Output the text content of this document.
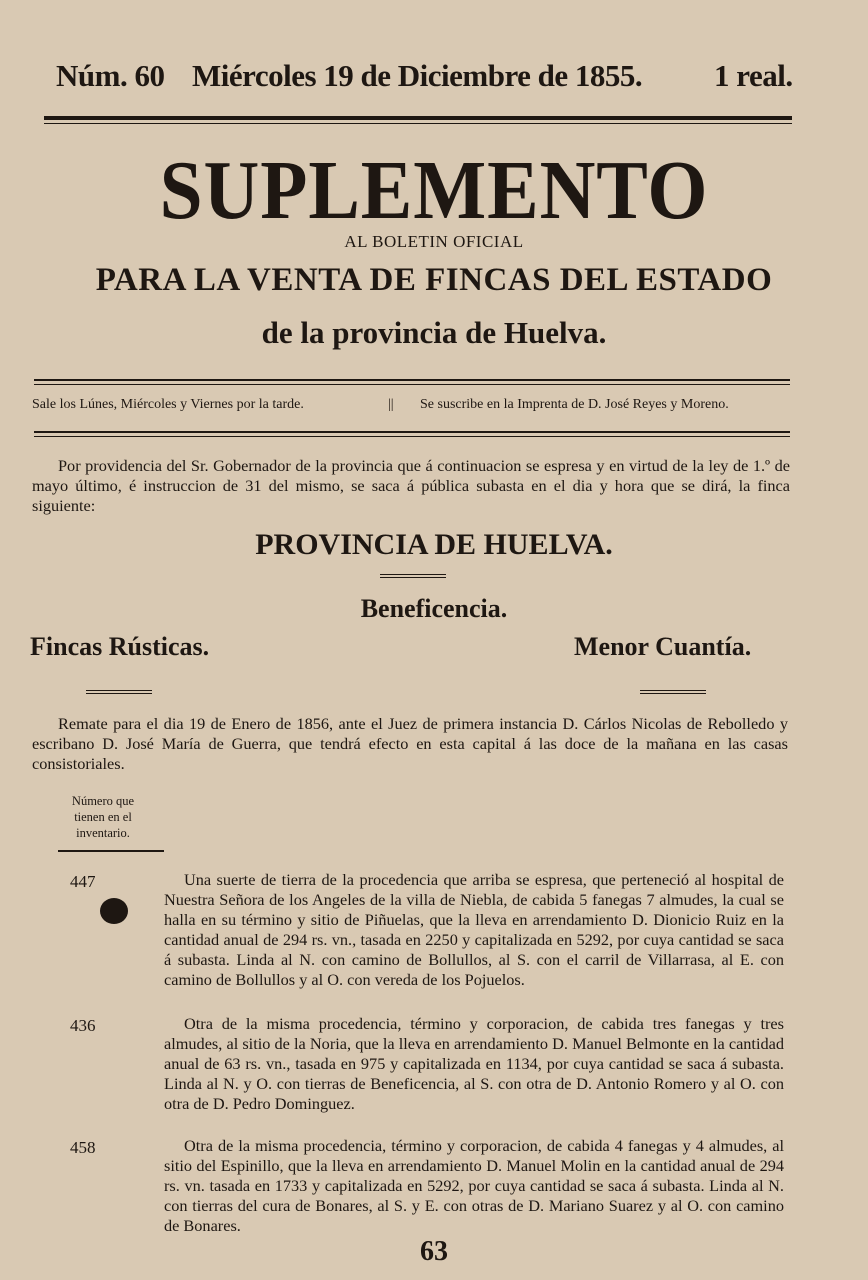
Núm. 60 Miércoles 19 de Diciembre de 1855. 1 real.
SUPLEMENTO
AL BOLETIN OFICIAL
PARA LA VENTA DE FINCAS DEL ESTADO
de la provincia de Huelva.
Sale los Lúnes, Miércoles y Viernes por la tarde.	|| Se suscribe en la Imprenta de D. José Reyes y Moreno.
Por providencia del Sr. Gobernador de la provincia que á continuacion se espresa y en virtud de la ley de 1.º de mayo último, é instruccion de 31 del mismo, se saca á pública subasta en el dia y hora que se dirá, la finca siguiente:
PROVINCIA DE HUELVA.
Beneficencia.
Fincas Rústicas.	Menor Cuantía.
Remate para el dia 19 de Enero de 1856, ante el Juez de primera instancia D. Cárlos Nicolas de Rebolledo y escribano D. José María de Guerra, que tendrá efecto en esta capital á las doce de la mañana en las casas consistoriales.
Número que tienen en el inventario.
447	Una suerte de tierra de la procedencia que arriba se espresa, que perteneció al hospital de Nuestra Señora de los Angeles de la villa de Niebla, de cabida 5 fanegas 7 almudes, la cual se halla en su término y sitio de Piñuelas, que la lleva en arrendamiento D. Dionicio Ruiz en la cantidad anual de 294 rs. vn., tasada en 2250 y capitalizada en 5292, por cuya cantidad se saca á subasta. Linda al N. con camino de Bollullos, al S. con el carril de Villarrasa, al E. con camino de Bollullos y al O. con vereda de los Pojuelos.
436	Otra de la misma procedencia, término y corporacion, de cabida tres fanegas y tres almudes, al sitio de la Noria, que la lleva en arrendamiento D. Manuel Belmonte en la cantidad anual de 63 rs. vn., tasada en 975 y capitalizada en 1134, por cuya cantidad se saca á subasta. Linda al N. y O. con tierras de Beneficencia, al S. con otra de D. Antonio Romero y al O. con otra de D. Pedro Dominguez.
458	Otra de la misma procedencia, término y corporacion, de cabida 4 fanegas y 4 almudes, al sitio del Espinillo, que la lleva en arrendamiento D. Manuel Molin en la cantidad anual de 294 rs. vn. tasada en 1733 y capitalizada en 5292, por cuya cantidad se saca á subasta. Linda al N. con tierras del cura de Bonares, al S. y E. con otras de D. Mariano Suarez y al O. con camino de Bonares.
63
